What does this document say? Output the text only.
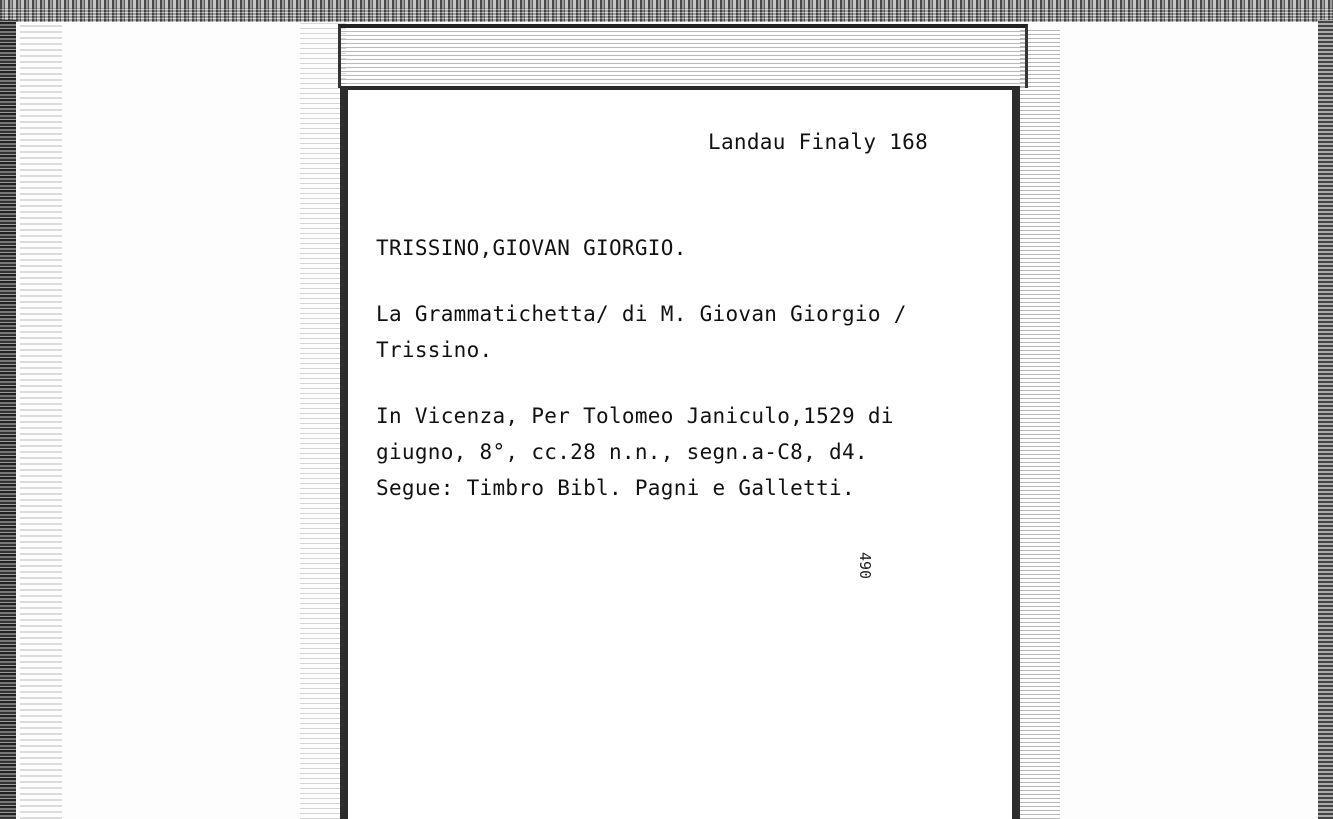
Landau Finaly 168
TRISSINO,GIOVAN GIORGIO.
La Grammatichetta/ di M. Giovan Giorgio /
Trissino.
In Vicenza, Per Tolomeo Janiculo,1529 di
giugno, 8°, cc.28 n.n., segn.a-C8, d4.
Segue: Timbro Bibl. Pagni e Galletti.
490
